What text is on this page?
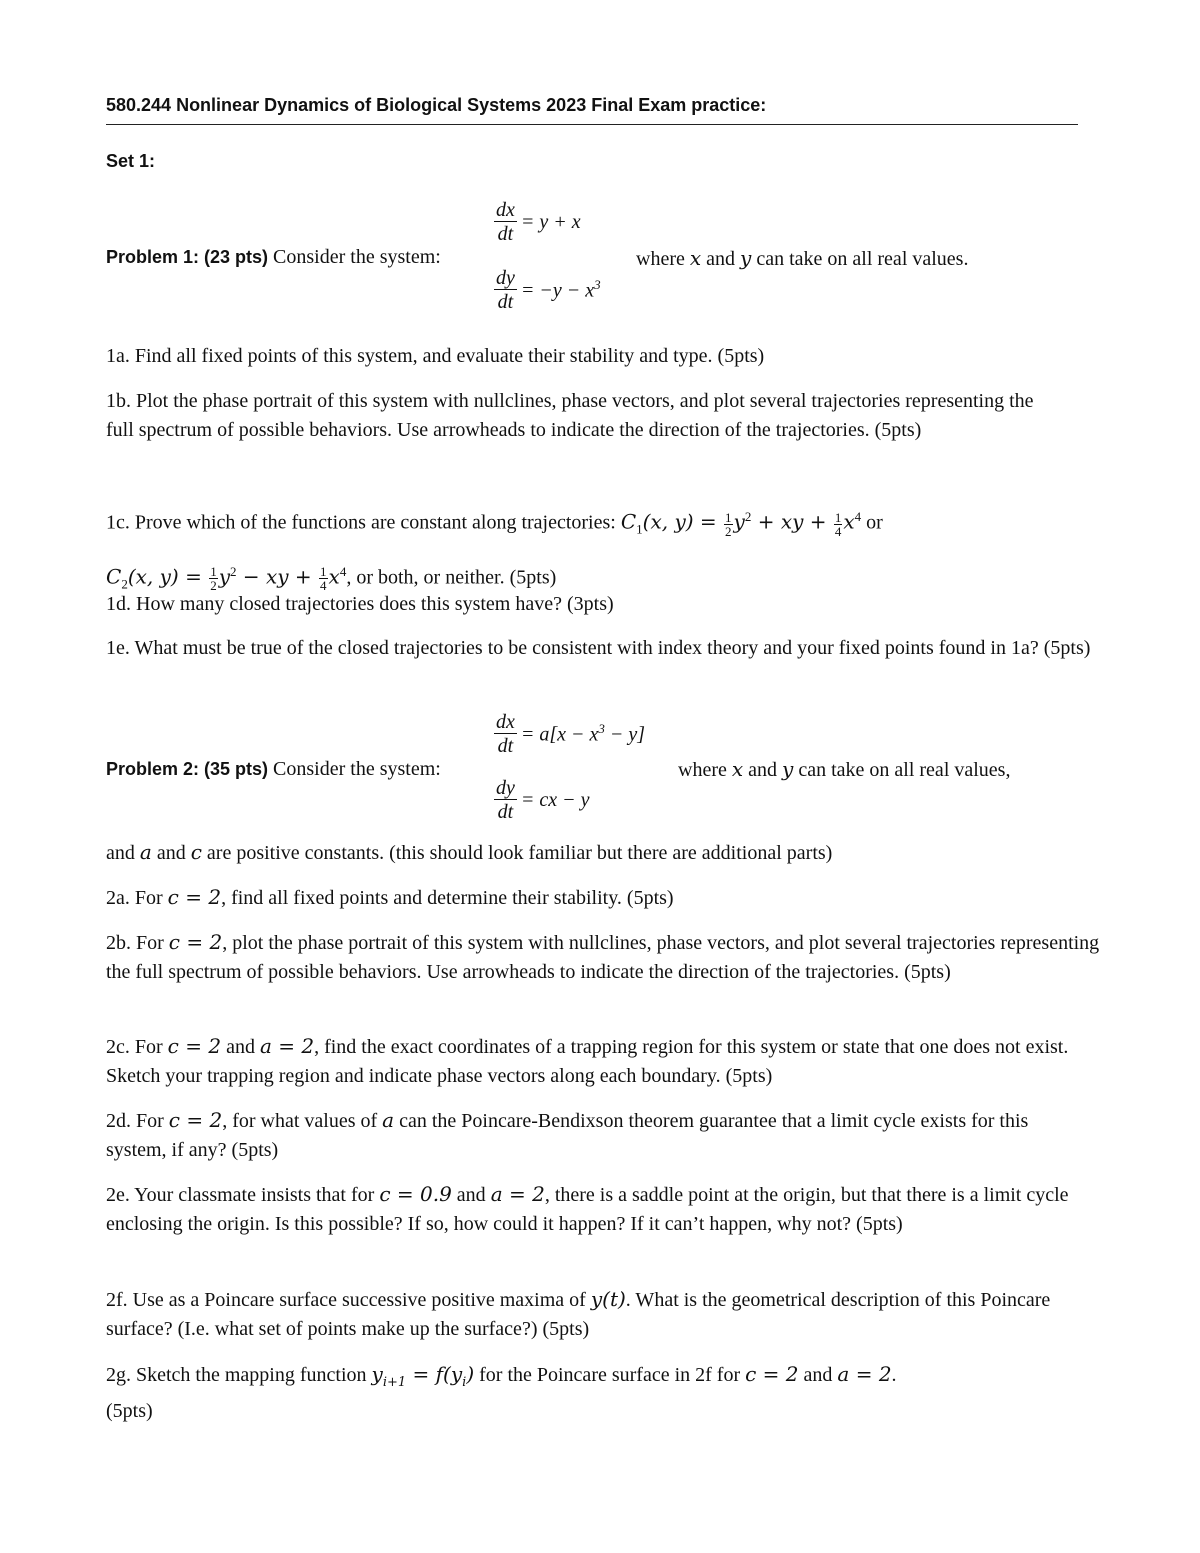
580.244 Nonlinear Dynamics of Biological Systems 2023 Final Exam practice:
Set 1:
Problem 1: (23 pts) Consider the system:
$\frac{dx}{dt} = y + x$
$\frac{dy}{dt} = -y - x^3$
where x and y can take on all real values.
1a. Find all fixed points of this system, and evaluate their stability and type. (5pts)
1b. Plot the phase portrait of this system with nullclines, phase vectors, and plot several trajectories representing the full spectrum of possible behaviors. Use arrowheads to indicate the direction of the trajectories. (5pts)
1c. Prove which of the functions are constant along trajectories: $C_1(x$, $y) = \frac{1}{2} y^2$ + xy + $\frac{1}{4} x^4$ or
$C_2(x$, $y) = \frac{1}{2} y^2$ − xy + $\frac{1}{4} x^4$, or both, or neither. (5pts)
1d. How many closed trajectories does this system have? (3pts)
1e. What must be true of the closed trajectories to be consistent with index theory and your fixed points found in 1a? (5pts)
Problem 2: (35 pts) Consider the system:
$\frac{dx}{dt} = a[x - x^3 - y]$
$\frac{dy}{dt}$ = cx − y
where x and y can take on all real values,
and a and c are positive constants. (this should look familiar but there are additional parts)
2a. For c = 2, find all fixed points and determine their stability. (5pts)
2b. For c = 2, plot the phase portrait of this system with nullclines, phase vectors, and plot several trajectories representing the full spectrum of possible behaviors. Use arrowheads to indicate the direction of the trajectories. (5pts)
2c. For c = 2 and a = 2, find the exact coordinates of a trapping region for this system or state that one does not exist. Sketch your trapping region and indicate phase vectors along each boundary. (5pts)
2d. For c = 2, for what values of a can the Poincare-Bendixson theorem guarantee that a limit cycle exists for this system, if any? (5pts)
2e. Your classmate insists that for c = 0.9 and a = 2, there is a saddle point at the origin, but that there is a limit cycle enclosing the origin. Is this possible? If so, how could it happen? If it can’t happen, why not? (5pts)
2f. Use as a Poincare surface successive positive maxima of y(t). What is the geometrical description of this Poincare surface? (I.e. what set of points make up the surface?) (5pts)
2g. Sketch the mapping function $y_{i+1} = f(y_i)$ for the Poincare surface in 2f for c = 2 and a = 2.
(5pts)
